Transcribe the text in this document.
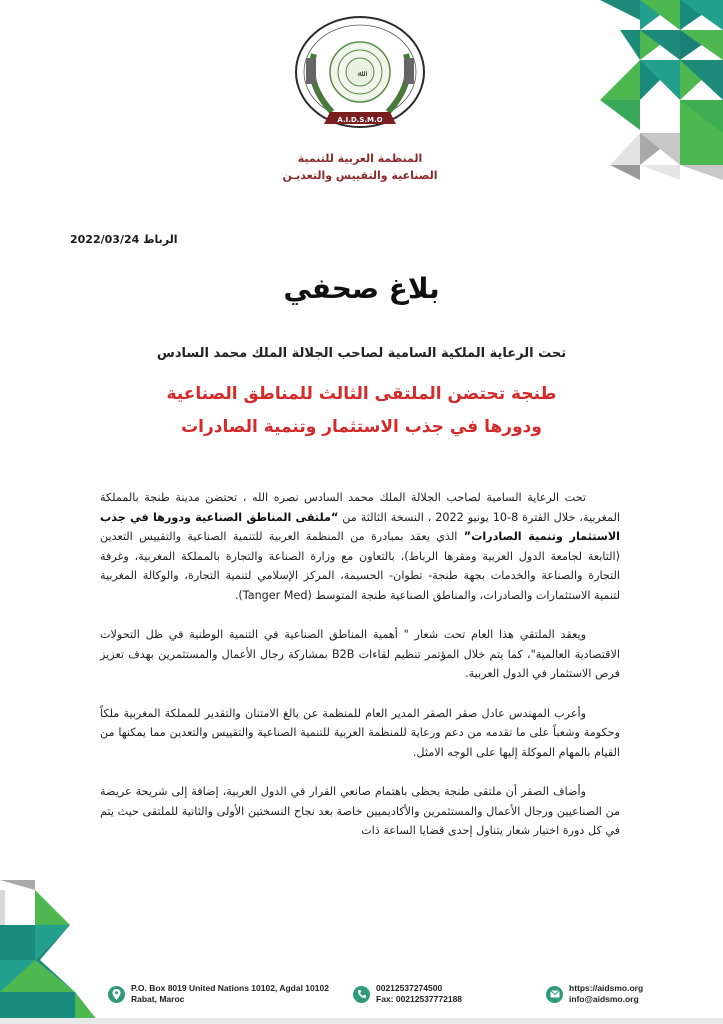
ﷲ
A.I.D.S.M.O
المنظمة العربية للتنمية
الصناعية والتقييس والتعديـن
الرباط 2022/03/24
بلاغ صحفي
تحت الرعاية الملكية السامية لصاحب الجلالة الملك محمد السادس
طنجة تحتضن الملتقى الثالث للمناطق الصناعية
ودورها في جذب الاستثمار وتنمية الصادرات

تحت الرعاية السامية لصاحب الجلالة الملك محمد السادس نصره الله ، تحتضن مدينة طنجة بالمملكة المغربية، خلال الفترة 8-10 يونيو 2022 ، النسخة الثالثة من “ملتقى المناطق الصناعية ودورها في جذب الاستثمار وتنمية الصادرات” الذي يعقد بمبادرة من المنظمة العربية للتنمية الصناعية والتقييس التعدين (التابعة لجامعة الدول العربية ومقرها الرباط)، بالتعاون مع وزارة الصناعة والتجارة بالمملكة المغربية، وغرفة التجارة والصناعة والخدمات بجهة طنجة- تطوان- الحسيمة، المركز الإسلامي لتنمية التجارة، والوكالة المغربية لتنمية الاستثمارات والصادرات، والمناطق الصناعية طنجة المتوسط (Tanger Med).

ويعقد الملتقي هذا العام تحت شعار " أهمية المناطق الصناعية في التنمية الوطنية في ظل التحولات الاقتصادية العالمية"، كما يتم خلال المؤتمر تنظيم لقاءات B2B بمشاركة رجال الأعمال والمستثمرين بهدف تعزيز فرص الاستثمار في الدول العربية.

وأعرب المهندس عادل صقر الصقر المدير العام للمنظمة عن بالغ الامتنان والتقدير للمملكة المغربية ملكاً وحكومة وشعباً على ما تقدمه من دعم ورعاية للمنظمة العربية للتنمية الصناعية والتقييس والتعدين مما يمكنها من القيام بالمهام الموكلة إليها على الوجه الامثل.

وأضاف الصقر أن ملتقى طنجة يحظى باهتمام صانعي القرار في الدول العربية، إضافة إلى شريحة عريضة من الصناعيين ورجال الأعمال والمستثمرين والأكاديميين خاصة بعد نجاح النسختين الأولى والثانية للملتقى حيث يتم في كل دورة اختيار شعار يتناول إحدى قضايا الساعة ذات

P.O. Box 8019 United Nations 10102, Agdal 10102
Rabat, Maroc
00212537274500
Fax: 00212537772188
https://aidsmo.org
info@aidsmo.org
